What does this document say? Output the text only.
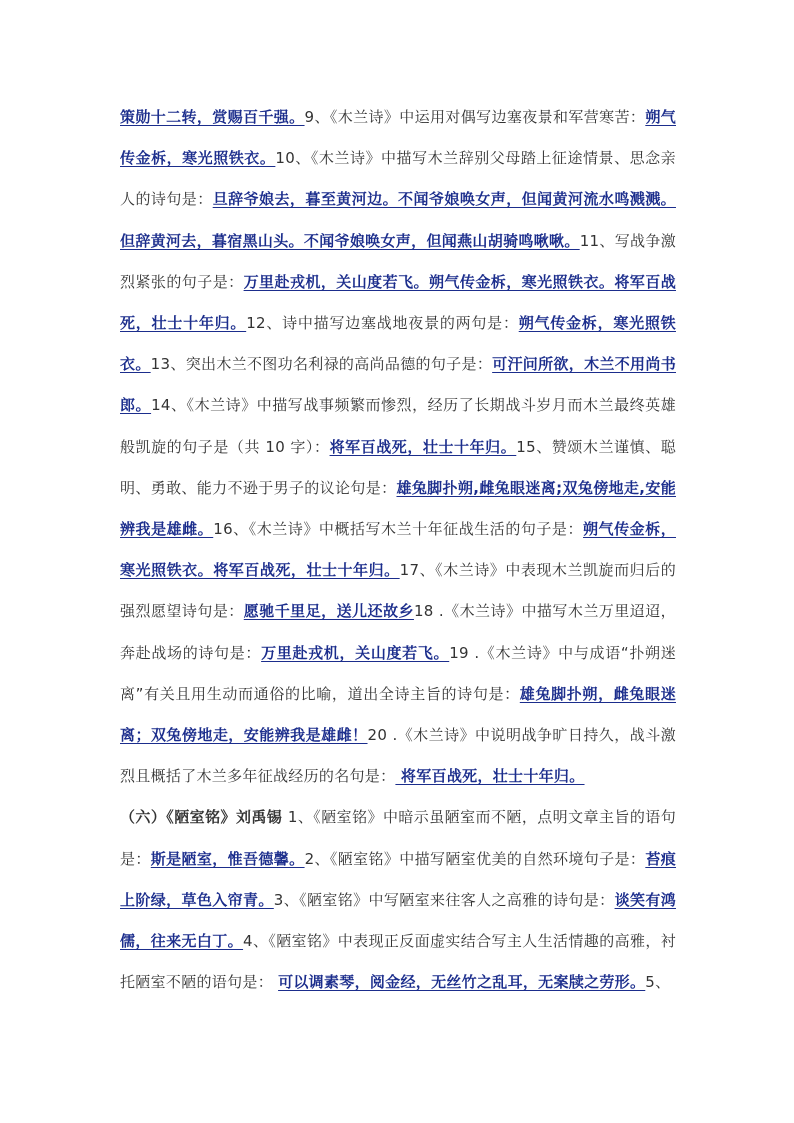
策勋十二转，赏赐百千强。9、《木兰诗》中运用对偶写边塞夜景和军营寒苦：朔气传金柝，寒光照铁衣。10、《木兰诗》中描写木兰辞别父母踏上征途情景、思念亲人的诗句是：旦辞爷娘去，暮至黄河边。不闻爷娘唤女声，但闻黄河流水鸣溅溅。但辞黄河去，暮宿黑山头。不闻爷娘唤女声，但闻燕山胡骑鸣啾啾。11、写战争激烈紧张的句子是：万里赴戎机，关山度若飞。朔气传金柝，寒光照铁衣。将军百战死，壮士十年归。12、诗中描写边塞战地夜景的两句是：朔气传金柝，寒光照铁衣。13、突出木兰不图功名利禄的高尚品德的句子是：可汗问所欲，木兰不用尚书郎。14、《木兰诗》中描写战事频繁而惨烈，经历了长期战斗岁月而木兰最终英雄般凯旋的句子是（共 10 字）：将军百战死，壮士十年归。15、赞颂木兰谨慎、聪明、勇敢、能力不逊于男子的议论句是：雄兔脚扑朔,雌兔眼迷离;双兔傍地走,安能辨我是雄雌。16、《木兰诗》中概括写木兰十年征战生活的句子是：朔气传金柝，寒光照铁衣。将军百战死，壮士十年归。17、《木兰诗》中表现木兰凯旋而归后的强烈愿望诗句是：愿驰千里足，送儿还故乡18 .《木兰诗》中描写木兰万里迢迢，奔赴战场的诗句是：万里赴戎机，关山度若飞。19 .《木兰诗》中与成语“扑朔迷离”有关且用生动而通俗的比喻，道出全诗主旨的诗句是：雄兔脚扑朔，雌兔眼迷离；双兔傍地走，安能辨我是雄雌！20 .《木兰诗》中说明战争旷日持久，战斗激烈且概括了木兰多年征战经历的名句是： 将军百战死，壮士十年归。
（六）《陋室铭》刘禹锡 1、《陋室铭》中暗示虽陋室而不陋，点明文章主旨的语句是：斯是陋室，惟吾德馨。2、《陋室铭》中描写陋室优美的自然环境句子是：苔痕上阶绿，草色入帘青。3、《陋室铭》中写陋室来往客人之高雅的诗句是：谈笑有鸿儒，往来无白丁。4、《陋室铭》中表现正反面虚实结合写主人生活情趣的高雅，衬托陋室不陋的语句是： 可以调素琴，阅金经，无丝竹之乱耳，无案牍之劳形。5、
